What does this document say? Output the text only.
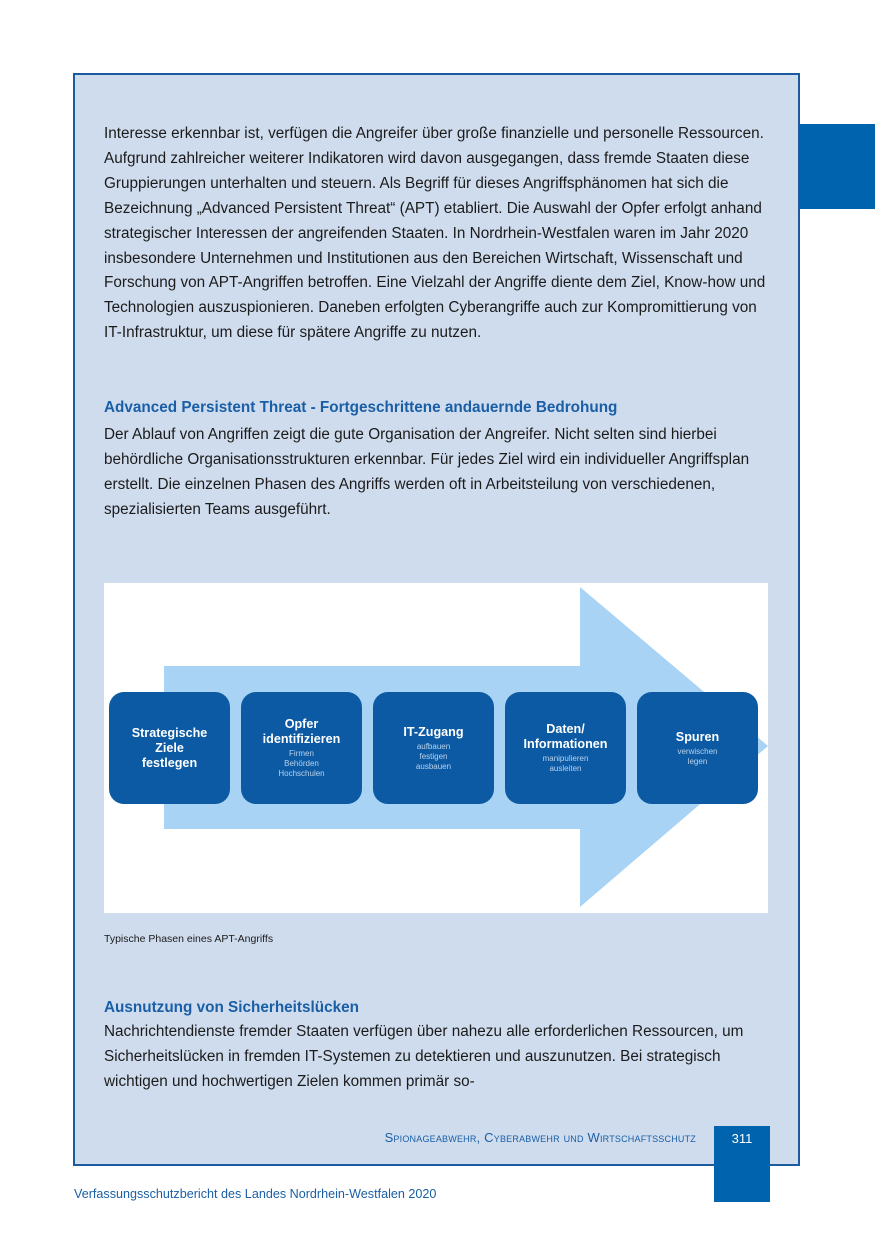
Interesse erkennbar ist, verfügen die Angreifer über große finanzielle und personelle Ressourcen. Aufgrund zahlreicher weiterer Indikatoren wird davon ausgegangen, dass fremde Staaten diese Gruppierungen unterhalten und steuern. Als Begriff für dieses Angriffsphänomen hat sich die Bezeichnung „Advanced Persistent Threat“ (APT) etabliert. Die Auswahl der Opfer erfolgt anhand strategischer Interessen der angreifenden Staaten. In Nordrhein-Westfalen waren im Jahr 2020 insbesondere Unternehmen und Institutionen aus den Bereichen Wirtschaft, Wissenschaft und Forschung von APT-Angriffen betroffen. Eine Vielzahl der Angriffe diente dem Ziel, Know-how und Technologien auszuspionieren. Daneben erfolgten Cyberangriffe auch zur Kompromittierung von IT-Infrastruktur, um diese für spätere Angriffe zu nutzen.

Advanced Persistent Threat - Fortgeschrittene andauernde Bedrohung

Der Ablauf von Angriffen zeigt die gute Organisation der Angreifer. Nicht selten sind hierbei behördliche Organisationsstrukturen erkennbar. Für jedes Ziel wird ein individueller Angriffsplan erstellt. Die einzelnen Phasen des Angriffs werden oft in Arbeitsteilung von verschiedenen, spezialisierten Teams ausgeführt.

Strategische
Ziele
festlegen
Opfer
identifizieren
Firmen
Behörden
Hochschulen
IT-Zugang
aufbauen
festigen
ausbauen
Daten/
Informationen
manipulieren
ausleiten
Spuren
verwischen
legen

Typische Phasen eines APT-Angriffs

Ausnutzung von Sicherheitslücken

Nachrichtendienste fremder Staaten verfügen über nahezu alle erforderlichen Ressourcen, um Sicherheitslücken in fremden IT-Systemen zu detektieren und auszunutzen. Bei strategisch wichtigen und hochwertigen Zielen kommen primär so-

Spionageabwehr, Cyberabwehr und Wirtschaftsschutz	311

Verfassungsschutzbericht des Landes Nordrhein-Westfalen 2020
